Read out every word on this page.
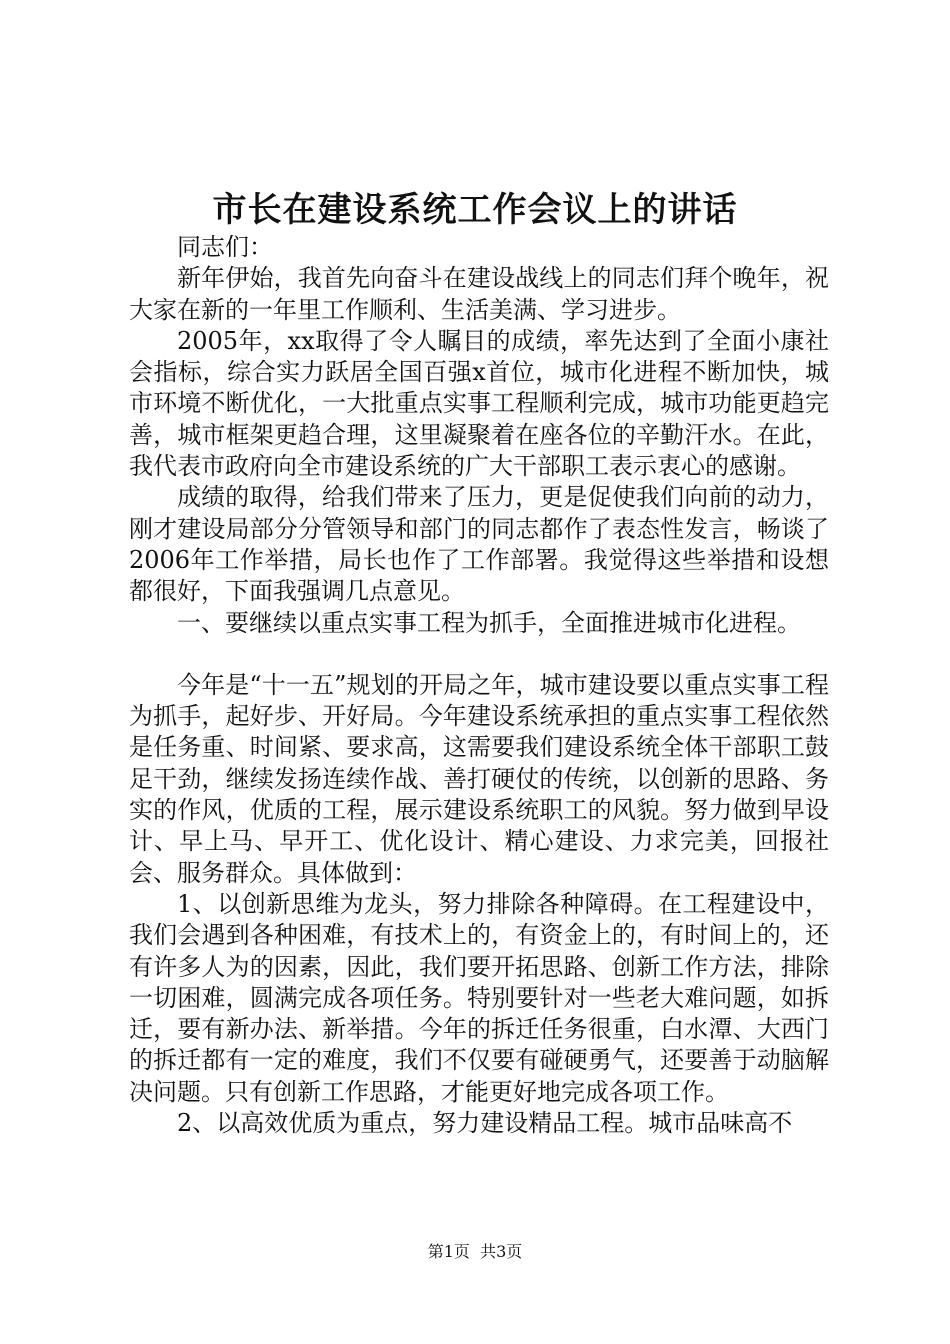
市长在建设系统工作会议上的讲话

同志们：

新年伊始，我首先向奋斗在建设战线上的同志们拜个晚年，祝大家在新的一年里工作顺利、生活美满、学习进步。

2005年，xx取得了令人瞩目的成绩，率先达到了全面小康社会指标，综合实力跃居全国百强x首位，城市化进程不断加快，城市环境不断优化，一大批重点实事工程顺利完成，城市功能更趋完善，城市框架更趋合理，这里凝聚着在座各位的辛勤汗水。在此，我代表市政府向全市建设系统的广大干部职工表示衷心的感谢。

成绩的取得，给我们带来了压力，更是促使我们向前的动力，刚才建设局部分分管领导和部门的同志都作了表态性发言，畅谈了2006年工作举措，局长也作了工作部署。我觉得这些举措和设想都很好，下面我强调几点意见。

一、要继续以重点实事工程为抓手，全面推进城市化进程。

今年是“十一五”规划的开局之年，城市建设要以重点实事工程为抓手，起好步、开好局。今年建设系统承担的重点实事工程依然是任务重、时间紧、要求高，这需要我们建设系统全体干部职工鼓足干劲，继续发扬连续作战、善打硬仗的传统，以创新的思路、务实的作风，优质的工程，展示建设系统职工的风貌。努力做到早设计、早上马、早开工、优化设计、精心建设、力求完美，回报社会、服务群众。具体做到：

1、以创新思维为龙头，努力排除各种障碍。在工程建设中，我们会遇到各种困难，有技术上的，有资金上的，有时间上的，还有许多人为的因素，因此，我们要开拓思路、创新工作方法，排除一切困难，圆满完成各项任务。特别要针对一些老大难问题，如拆迁，要有新办法、新举措。今年的拆迁任务很重，白水潭、大西门的拆迁都有一定的难度，我们不仅要有碰硬勇气，还要善于动脑解决问题。只有创新工作思路，才能更好地完成各项工作。

2、以高效优质为重点，努力建设精品工程。城市品味高不

第1页  共3页
